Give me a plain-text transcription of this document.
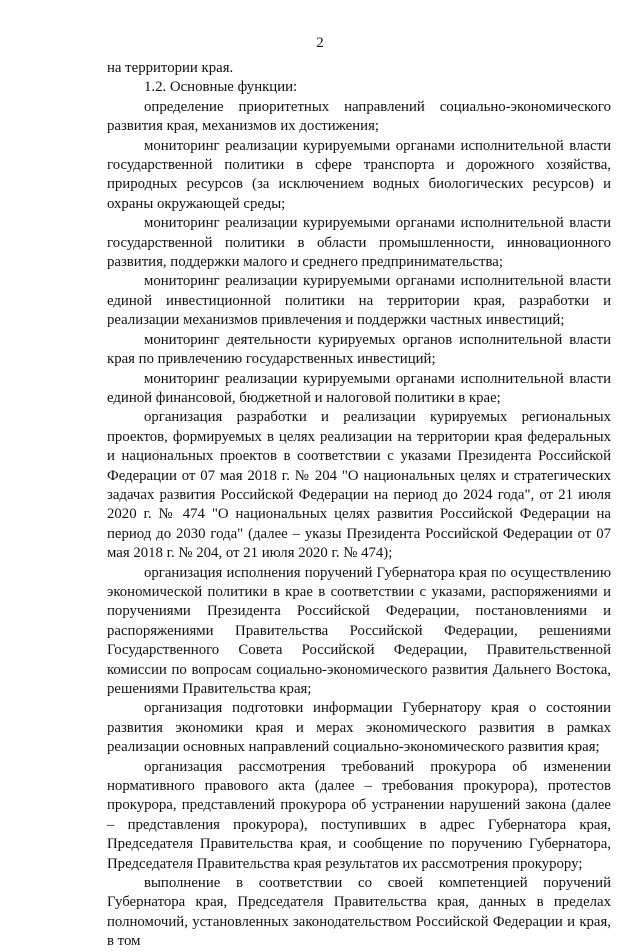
2

на территории края.

1.2. Основные функции:

определение приоритетных направлений социально-экономического развития края, механизмов их достижения;

мониторинг реализации курируемыми органами исполнительной власти государственной политики в сфере транспорта и дорожного хозяйства, природных ресурсов (за исключением водных биологических ресурсов) и охраны окружающей среды;

мониторинг реализации курируемыми органами исполнительной власти государственной политики в области промышленности, инновационного развития, поддержки малого и среднего предпринимательства;

мониторинг реализации курируемыми органами исполнительной власти единой инвестиционной политики на территории края, разработки и реализации механизмов привлечения и поддержки частных инвестиций;

мониторинг деятельности курируемых органов исполнительной власти края по привлечению государственных инвестиций;

мониторинг реализации курируемыми органами исполнительной власти единой финансовой, бюджетной и налоговой политики в крае;

организация разработки и реализации курируемых региональных проектов, формируемых в целях реализации на территории края федеральных и национальных проектов в соответствии с указами Президента Российской Федерации от 07 мая 2018 г. № 204 "О национальных целях и стратегических задачах развития Российской Федерации на период до 2024 года", от 21 июля 2020 г. № 474 "О национальных целях развития Российской Федерации на период до 2030 года" (далее – указы Президента Российской Федерации от 07 мая 2018 г. № 204, от 21 июля 2020 г. № 474);

организация исполнения поручений Губернатора края по осуществлению экономической политики в крае в соответствии с указами, распоряжениями и поручениями Президента Российской Федерации, постановлениями и распоряжениями Правительства Российской Федерации, решениями Государственного Совета Российской Федерации, Правительственной комиссии по вопросам социально-экономического развития Дальнего Востока, решениями Правительства края;

организация подготовки информации Губернатору края о состоянии развития экономики края и мерах экономического развития в рамках реализации основных направлений социально-экономического развития края;

организация рассмотрения требований прокурора об изменении нормативного правового акта (далее – требования прокурора), протестов прокурора, представлений прокурора об устранении нарушений закона (далее – представления прокурора), поступивших в адрес Губернатора края, Председателя Правительства края, и сообщение по поручению Губернатора, Председателя Правительства края результатов их рассмотрения прокурору;

выполнение в соответствии со своей компетенцией поручений Губернатора края, Председателя Правительства края, данных в пределах полномочий, установленных законодательством Российской Федерации и края, в том
